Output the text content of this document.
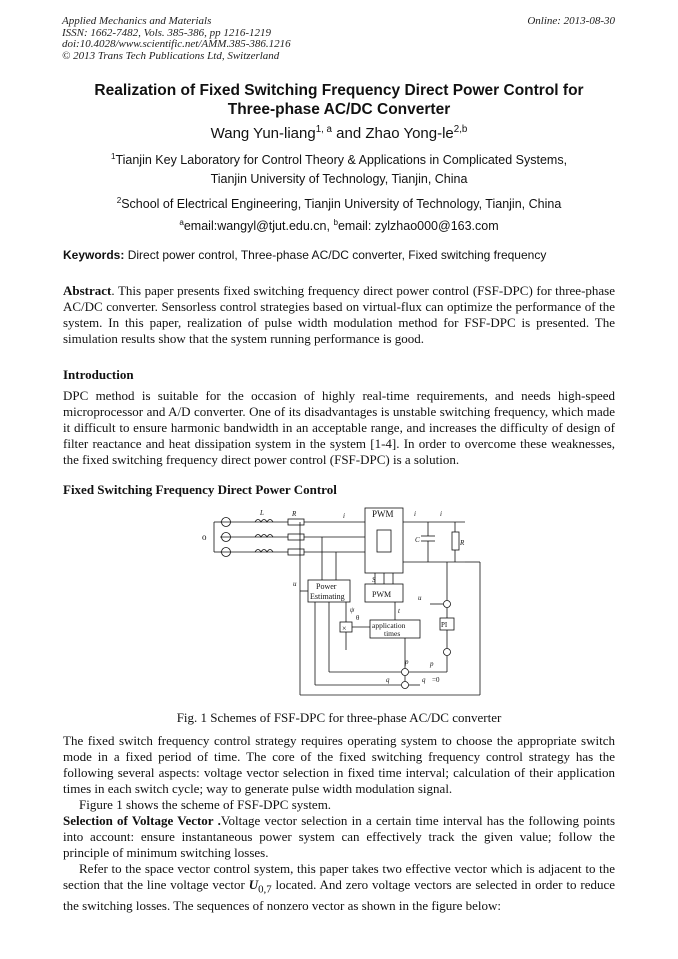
Applied Mechanics and Materials
ISSN: 1662-7482, Vols. 385-386, pp 1216-1219
doi:10.4028/www.scientific.net/AMM.385-386.1216
© 2013 Trans Tech Publications Ltd, Switzerland
Online: 2013-08-30
Realization of Fixed Switching Frequency Direct Power Control for
Three-phase AC/DC Converter
Wang Yun-liang$^{1, a}$ and Zhao Yong-le$^{2,b}$
$^1$Tianjin Key Laboratory for Control Theory & Applications in Complicated Systems,
Tianjin University of Technology, Tianjin, China
$^2$School of Electrical Engineering, Tianjin University of Technology, Tianjin, China
$^a$email:wangyl@tjut.edu.cn, $^b$email: zylzhao000@163.com
Keywords: Direct power control, Three-phase AC/DC converter, Fixed switching frequency
Abstract. This paper presents fixed switching frequency direct power control (FSF-DPC) for three-phase AC/DC converter. Sensorless control strategies based on virtual-flux can optimize the performance of the system. In this paper, realization of pulse width modulation method for FSF-DPC is presented. The simulation results show that the system running performance is good.
Introduction
DPC method is suitable for the occasion of highly real-time requirements, and needs high-speed microprocessor and A/D converter. One of its disadvantages is unstable switching frequency, which made it difficult to ensure harmonic bandwidth in an acceptable range, and increases the difficulty of design of filter reactance and heat dissipation system in the system [1-4]. In order to overcome these weaknesses, the fixed switching frequency direct power control (FSF-DPC) is a solution.
Fixed Switching Frequency Direct Power Control
PWM
Power
Estimating	PWM
application
times
PI
o
L	R
C	R
i	i	i
u
u
q =0
p
p
q
θ
×
S
t
ψ
Fig. 1 Schemes of FSF-DPC for three-phase AC/DC converter
The fixed switch frequency control strategy requires operating system to choose the appropriate switch mode in a fixed period of time. The core of the fixed switching frequency control strategy has the following several aspects: voltage vector selection in fixed time interval; calculation of their application times in each switch cycle; way to generate pulse width modulation signal.
Figure 1 shows the scheme of FSF-DPC system.
Selection of Voltage Vector .Voltage vector selection in a certain time interval has the following points into account: ensure instantaneous power system can effectively track the given value; follow the principle of minimum switching losses.
Refer to the space vector control system, this paper takes two effective vector which is adjacent to the section that the line voltage vector $U_{0,7}$ located. And zero voltage vectors are selected in order to reduce the switching losses. The sequences of nonzero vector as shown in the figure below:
